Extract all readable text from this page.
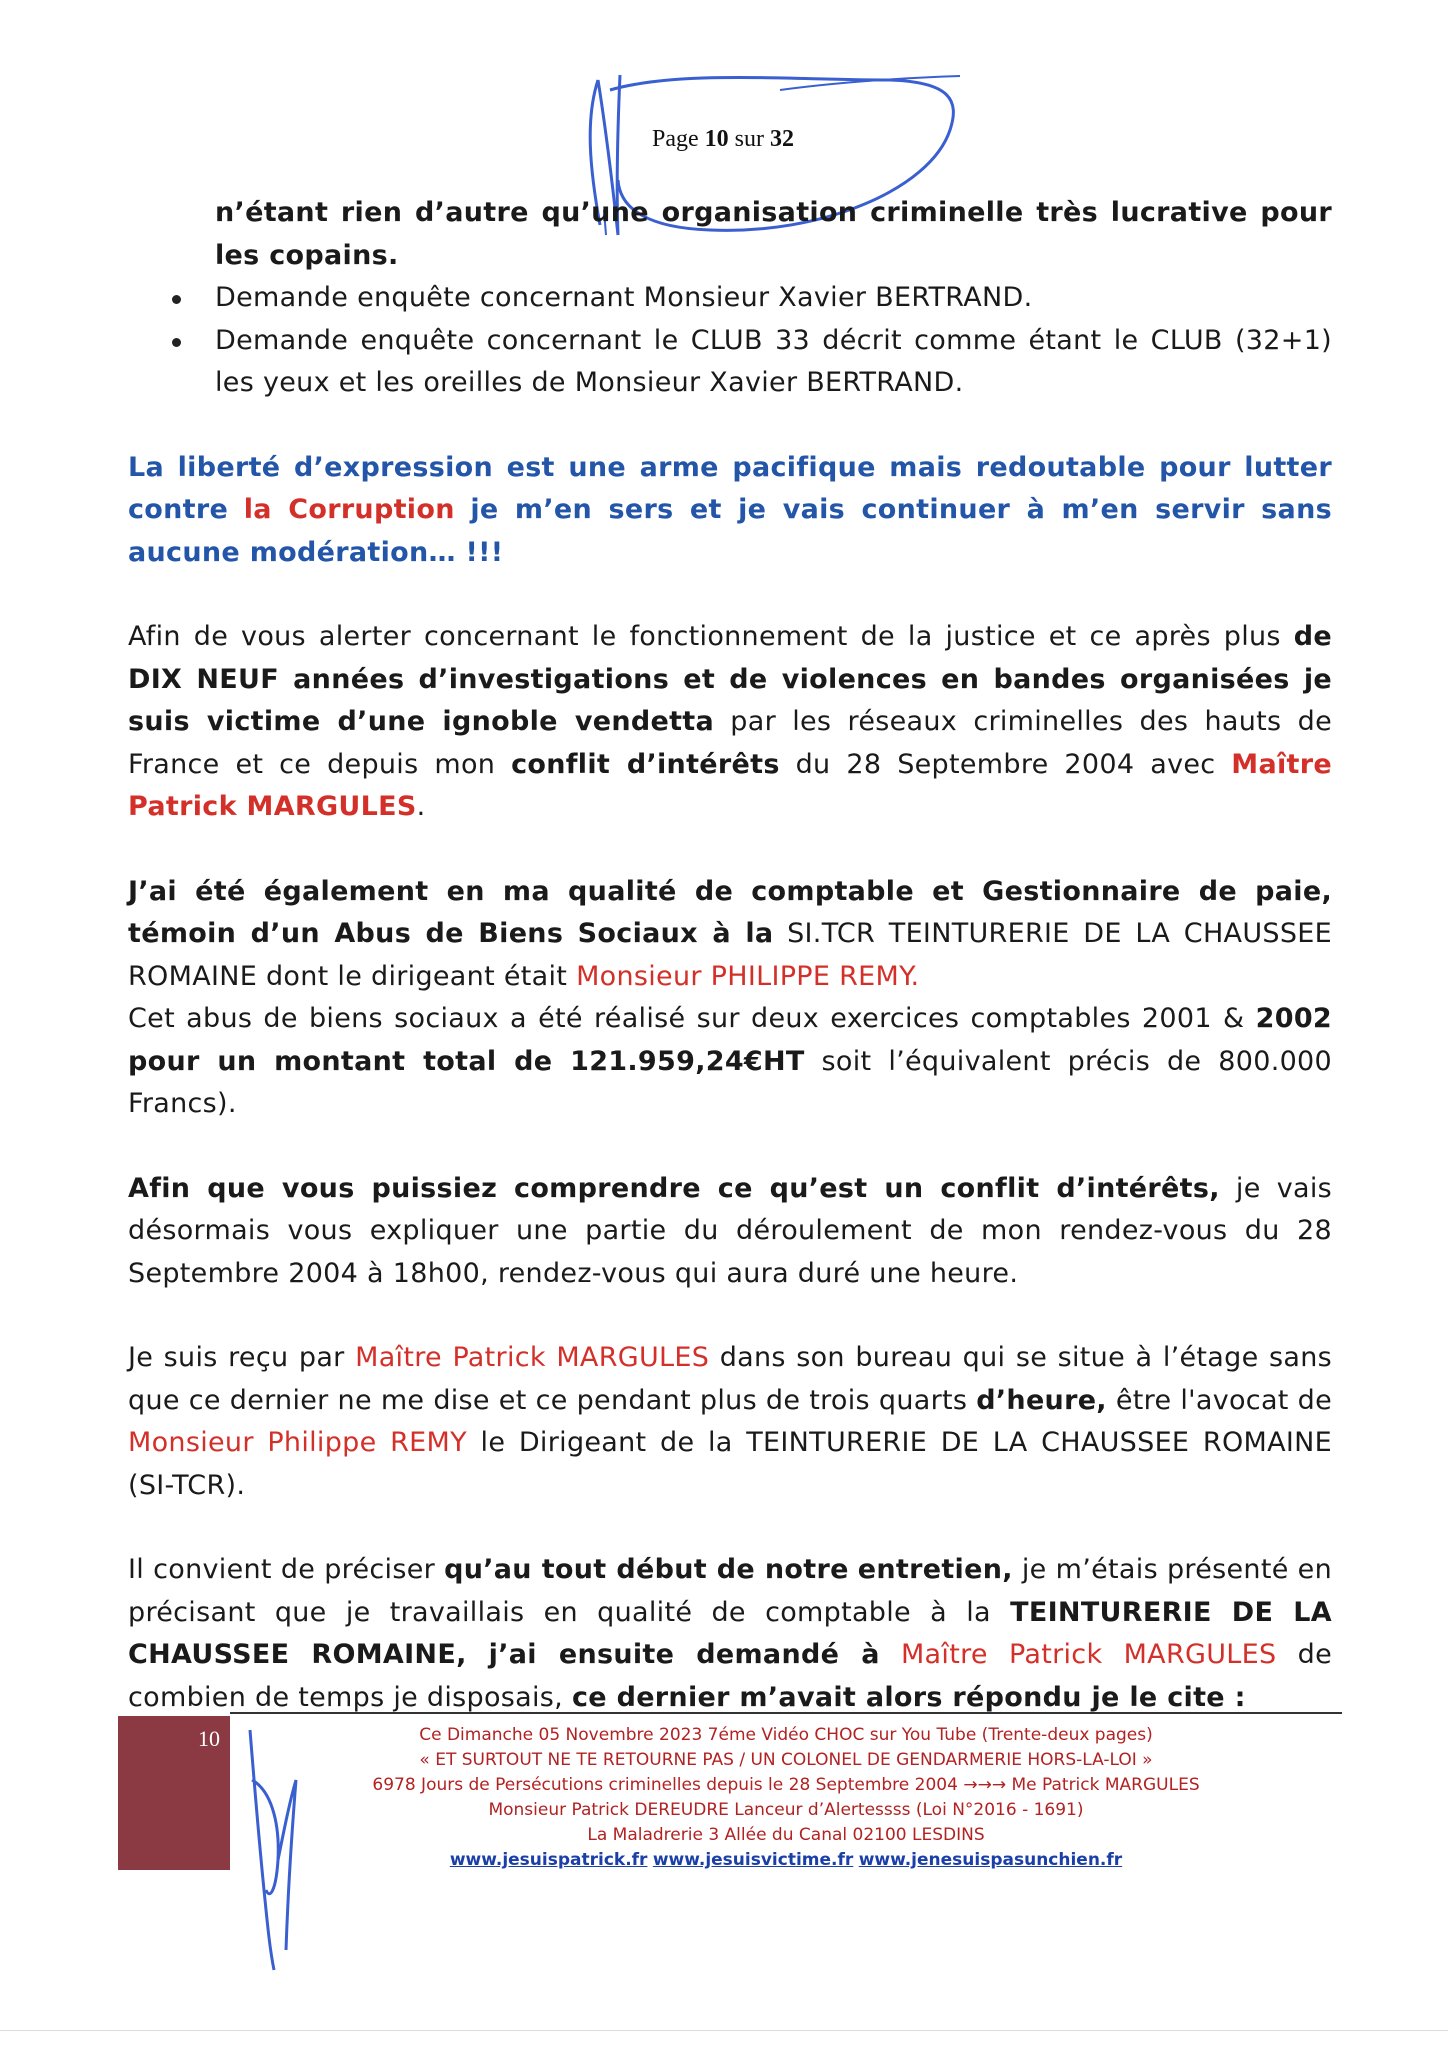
Page 10 sur 32

n’étant rien d’autre qu’une organisation criminelle très lucrative pour les copains.

Demande enquête concernant Monsieur Xavier BERTRAND.
Demande enquête concernant le CLUB 33 décrit comme étant le CLUB (32+1) les yeux et les oreilles de Monsieur Xavier BERTRAND.

La liberté d’expression est une arme pacifique mais redoutable pour lutter contre la Corruption je m’en sers et je vais continuer à m’en servir sans aucune modération… !!!

Afin de vous alerter concernant le fonctionnement de la justice et ce après plus de DIX NEUF années d’investigations et de violences en bandes organisées je suis victime d’une ignoble vendetta par les réseaux criminelles des hauts de France et ce depuis mon conflit d’intérêts du 28 Septembre 2004 avec Maître Patrick MARGULES.

J’ai été également en ma qualité de comptable et Gestionnaire de paie, témoin d’un Abus de Biens Sociaux à la SI.TCR TEINTURERIE DE LA CHAUSSEE ROMAINE dont le dirigeant était Monsieur PHILIPPE REMY.

Cet abus de biens sociaux a été réalisé sur deux exercices comptables 2001 & 2002 pour un montant total de 121.959,24€HT soit l’équivalent précis de 800.000 Francs).

Afin que vous puissiez comprendre ce qu’est un conflit d’intérêts, je vais désormais vous expliquer une partie du déroulement de mon rendez-vous du 28 Septembre 2004 à 18h00, rendez-vous qui aura duré une heure.

Je suis reçu par Maître Patrick MARGULES dans son bureau qui se situe à l’étage sans que ce dernier ne me dise et ce pendant plus de trois quarts d’heure, être l'avocat de Monsieur Philippe REMY le Dirigeant de la TEINTURERIE DE LA CHAUSSEE ROMAINE (SI-TCR).

Il convient de préciser qu’au tout début de notre entretien, je m’étais présenté en précisant que je travaillais en qualité de comptable à la TEINTURERIE DE LA CHAUSSEE ROMAINE, j’ai ensuite demandé à Maître Patrick MARGULES de combien de temps je disposais, ce dernier m’avait alors répondu je le cite :

10	Ce Dimanche 05 Novembre 2023 7éme Vidéo CHOC sur You Tube (Trente-deux pages)
« ET SURTOUT NE TE RETOURNE PAS / UN COLONEL DE GENDARMERIE HORS-LA-LOI »
6978 Jours de Persécutions criminelles depuis le 28 Septembre 2004 →→→ Me Patrick MARGULES
Monsieur Patrick DEREUDRE Lanceur d’Alertessss (Loi N°2016 - 1691)
La Maladrerie 3 Allée du Canal 02100 LESDINS
www.jesuispatrick.fr www.jesuisvictime.fr www.jenesuispasunchien.fr
